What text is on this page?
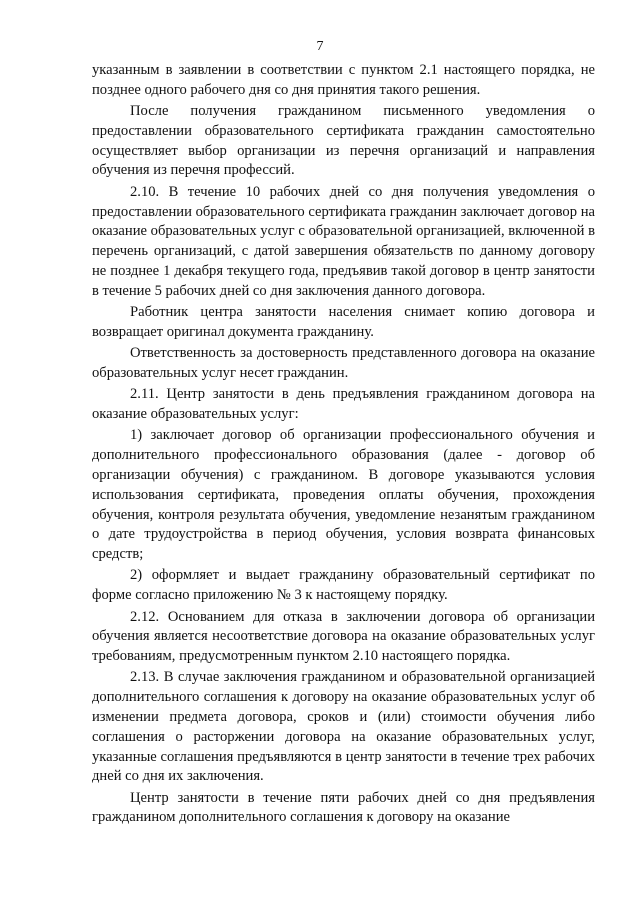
7

указанным в заявлении в соответствии с пунктом 2.1 настоящего порядка, не позднее одного рабочего дня со дня принятия такого решения.

После получения гражданином письменного уведомления о предоставлении образовательного сертификата гражданин самостоятельно осуществляет выбор организации из перечня организаций и направления обучения из перечня профессий.

2.10. В течение 10 рабочих дней со дня получения уведомления о предоставлении образовательного сертификата гражданин заключает договор на оказание образовательных услуг с образовательной организацией, включенной в перечень организаций, с датой завершения обязательств по данному договору не позднее 1 декабря текущего года, предъявив такой договор в центр занятости в течение 5 рабочих дней со дня заключения данного договора.

Работник центра занятости населения снимает копию договора и возвращает оригинал документа гражданину.

Ответственность за достоверность представленного договора на оказание образовательных услуг несет гражданин.

2.11. Центр занятости в день предъявления гражданином договора на оказание образовательных услуг:

1) заключает договор об организации профессионального обучения и дополнительного профессионального образования (далее - договор об организации обучения) с гражданином. В договоре указываются условия использования сертификата, проведения оплаты обучения, прохождения обучения, контроля результата обучения, уведомление незанятым гражданином о дате трудоустройства в период обучения, условия возврата финансовых средств;

2) оформляет и выдает гражданину образовательный сертификат по форме согласно приложению № 3 к настоящему порядку.

2.12. Основанием для отказа в заключении договора об организации обучения является несоответствие договора на оказание образовательных услуг требованиям, предусмотренным пунктом 2.10 настоящего порядка.

2.13. В случае заключения гражданином и образовательной организацией дополнительного соглашения к договору на оказание образовательных услуг об изменении предмета договора, сроков и (или) стоимости обучения либо соглашения о расторжении договора на оказание образовательных услуг, указанные соглашения предъявляются в центр занятости в течение трех рабочих дней со дня их заключения.

Центр занятости в течение пяти рабочих дней со дня предъявления гражданином дополнительного соглашения к договору на оказание
